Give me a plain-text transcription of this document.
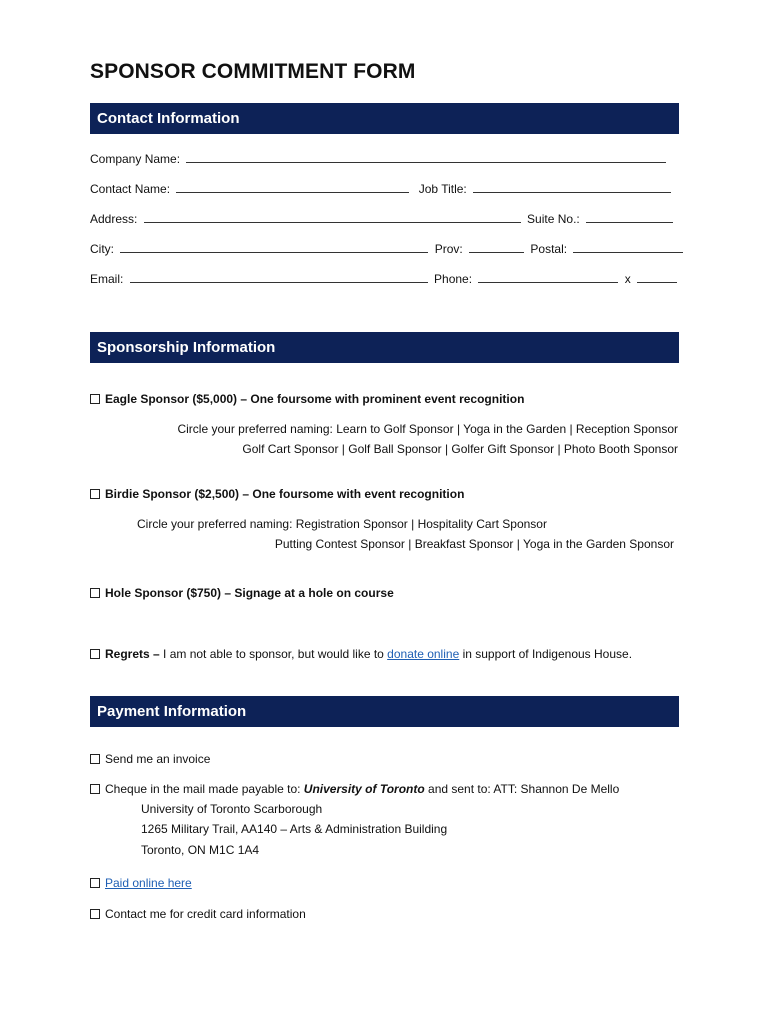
SPONSOR COMMITMENT FORM
Contact Information
Company Name:
Contact Name:	Job Title:
Address:	Suite No.:
City:	Prov:	Postal:
Email:	Phone:	x
Sponsorship Information
Eagle Sponsor ($5,000) – One foursome with prominent event recognition
Circle your preferred naming: Learn to Golf Sponsor | Yoga in the Garden | Reception Sponsor
Golf Cart Sponsor | Golf Ball Sponsor | Golfer Gift Sponsor | Photo Booth Sponsor
Birdie Sponsor ($2,500) – One foursome with event recognition
Circle your preferred naming: Registration Sponsor | Hospitality Cart Sponsor
Putting Contest Sponsor | Breakfast Sponsor | Yoga in the Garden Sponsor
Hole Sponsor ($750) – Signage at a hole on course
Regrets – I am not able to sponsor, but would like to donate online in support of Indigenous House.
Payment Information
Send me an invoice
Cheque in the mail made payable to: University of Toronto and sent to: ATT: Shannon De Mello
University of Toronto Scarborough
1265 Military Trail, AA140 – Arts & Administration Building
Toronto, ON M1C 1A4
Paid online here
Contact me for credit card information
